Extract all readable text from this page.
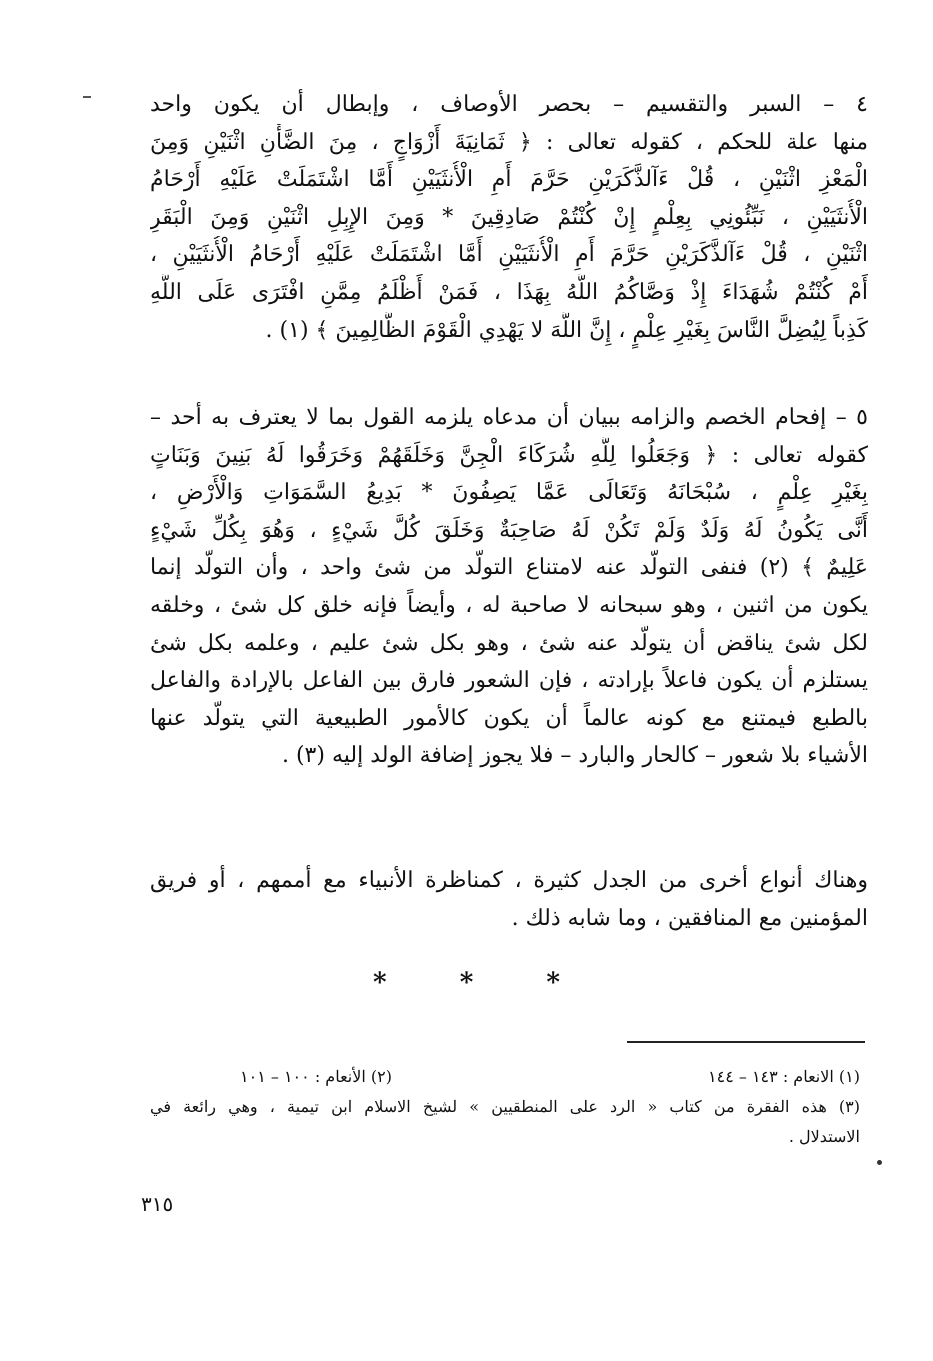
٤ – السبر والتقسيم – بحصر الأوصاف ، وإبطال أن يكون واحد
منها علة للحكم ، كقوله تعالى : ﴿ ثَمَانِيَةَ أَزْوَاجٍ ، مِنَ الضَّأْنِ اثْنَيْنِ وَمِنَ
الْمَعْزِ اثْنَيْنِ ، قُلْ ءَآلذَّكَرَيْنِ حَرَّمَ أَمِ الْأُنثَيَيْنِ أَمَّا اشْتَمَلَتْ عَلَيْهِ أَرْحَامُ
الْأُنثَيَيْنِ ، نَبِّئُونِي بِعِلْمٍ إِنْ كُنْتُمْ صَادِقِينَ * وَمِنَ الإِبِلِ اثْنَيْنِ وَمِنَ الْبَقَرِ
اثْنَيْنِ ، قُلْ ءَآلذَّكَرَيْنِ حَرَّمَ أَمِ الْأُنثَيَيْنِ أَمَّا اشْتَمَلَتْ عَلَيْهِ أَرْحَامُ الْأُنثَيَيْنِ ،
أَمْ كُنْتُمْ شُهَدَاءَ إِذْ وَصَّاكُمُ اللَّهُ بِهَذَا ، فَمَنْ أَظْلَمُ مِمَّنِ افْتَرَى عَلَى اللَّهِ
كَذِباً لِيُضِلَّ النَّاسَ بِغَيْرِ عِلْمٍ ، إِنَّ اللَّهَ لا يَهْدِي الْقَوْمَ الظَّالِمِينَ ﴾ (١) .
٥ – إفحام الخصم والزامه ببيان أن مدعاه يلزمه القول بما لا يعترف به أحد –
كقوله تعالى : ﴿ وَجَعَلُوا لِلَّهِ شُرَكَاءَ الْجِنَّ وَخَلَقَهُمْ وَخَرَقُوا لَهُ بَنِينَ وَبَنَاتٍ
بِغَيْرِ عِلْمٍ ، سُبْحَانَهُ وَتَعَالَى عَمَّا يَصِفُونَ * بَدِيعُ السَّمَوَاتِ وَالْأَرْضِ ،
أَنَّى يَكُونُ لَهُ وَلَدٌ وَلَمْ تَكُنْ لَهُ صَاحِبَةٌ وَخَلَقَ كُلَّ شَيْءٍ ، وَهُوَ بِكُلِّ شَيْءٍ
عَلِيمٌ ﴾ (٢) فنفى التولّد عنه لامتناع التولّد من شئ واحد ، وأن التولّد إنما
يكون من اثنين ، وهو سبحانه لا صاحبة له ، وأيضاً فإنه خلق كل شئ ، وخلقه
لكل شئ يناقض أن يتولّد عنه شئ ، وهو بكل شئ عليم ، وعلمه بكل شئ
يستلزم أن يكون فاعلاً بإرادته ، فإن الشعور فارق بين الفاعل بالإرادة والفاعل
بالطبع فيمتنع مع كونه عالماً أن يكون كالأمور الطبيعية التي يتولّد عنها
الأشياء بلا شعور – كالحار والبارد – فلا يجوز إضافة الولد إليه (٣) .
وهناك أنواع أخرى من الجدل كثيرة ، كمناظرة الأنبياء مع أممهم ، أو فريق
المؤمنين مع المنافقين ، وما شابه ذلك .
* * *
(١) الانعام : ١٤٣ – ١٤٤
(٢) الأنعام : ١٠٠ – ١٠١
(٣) هذه الفقرة من كتاب « الرد على المنطقيين » لشيخ الاسلام ابن تيمية ، وهي رائعة في
الاستدلال .
٣١٥
